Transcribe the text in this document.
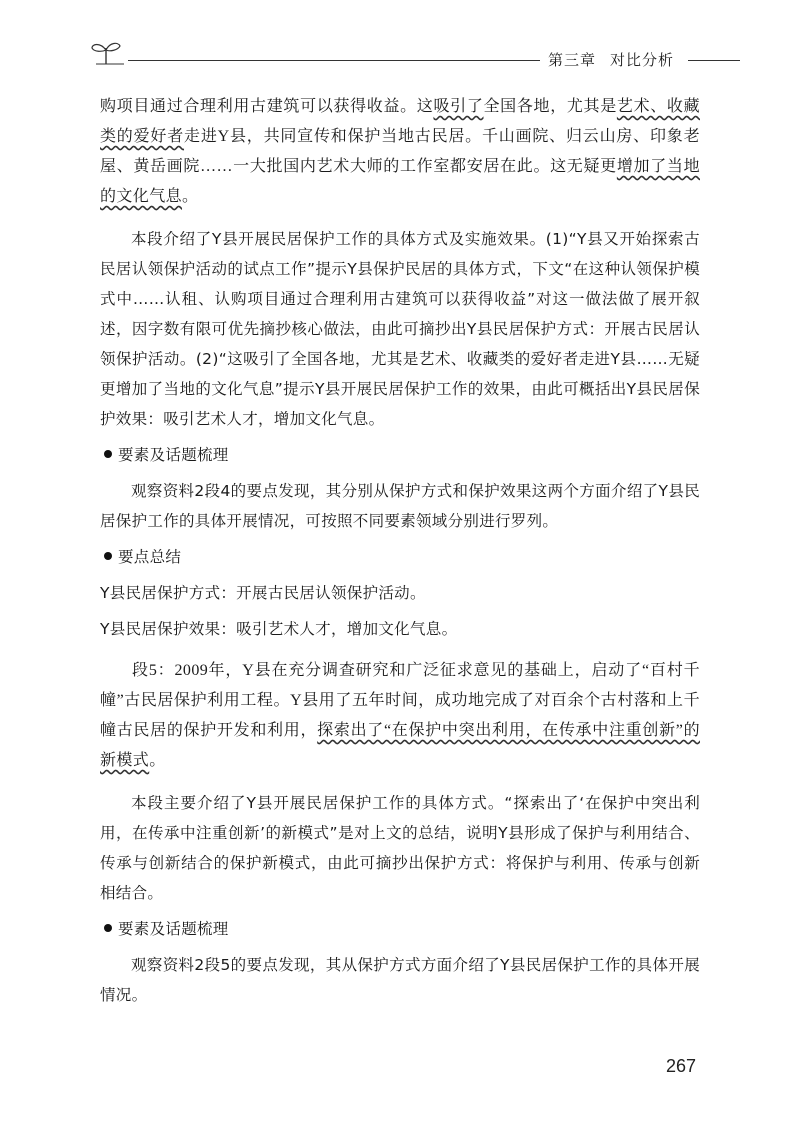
第三章 对比分析

购项目通过合理利用古建筑可以获得收益。这吸引了全国各地，尤其是艺术、收藏类的爱好者走进Y县，共同宣传和保护当地古民居。千山画院、归云山房、印象老屋、黄岳画院……一大批国内艺术大师的工作室都安居在此。这无疑更增加了当地的文化气息。

本段介绍了Y县开展民居保护工作的具体方式及实施效果。(1)“Y县又开始探索古民居认领保护活动的试点工作”提示Y县保护民居的具体方式，下文“在这种认领保护模式中……认租、认购项目通过合理利用古建筑可以获得收益”对这一做法做了展开叙述，因字数有限可优先摘抄核心做法，由此可摘抄出Y县民居保护方式：开展古民居认领保护活动。(2)“这吸引了全国各地，尤其是艺术、收藏类的爱好者走进Y县……无疑更增加了当地的文化气息”提示Y县开展民居保护工作的效果，由此可概括出Y县民居保护效果：吸引艺术人才，增加文化气息。

要素及话题梳理

观察资料2段4的要点发现，其分别从保护方式和保护效果这两个方面介绍了Y县民居保护工作的具体开展情况，可按照不同要素领域分别进行罗列。

要点总结

Y县民居保护方式：开展古民居认领保护活动。

Y县民居保护效果：吸引艺术人才，增加文化气息。

段5：2009年，Y县在充分调查研究和广泛征求意见的基础上，启动了“百村千幢”古民居保护利用工程。Y县用了五年时间，成功地完成了对百余个古村落和上千幢古民居的保护开发和利用，探索出了“在保护中突出利用，在传承中注重创新”的新模式。

本段主要介绍了Y县开展民居保护工作的具体方式。“探索出了‘在保护中突出利用，在传承中注重创新’的新模式”是对上文的总结，说明Y县形成了保护与利用结合、传承与创新结合的保护新模式，由此可摘抄出保护方式：将保护与利用、传承与创新相结合。

要素及话题梳理

观察资料2段5的要点发现，其从保护方式方面介绍了Y县民居保护工作的具体开展情况。

267
